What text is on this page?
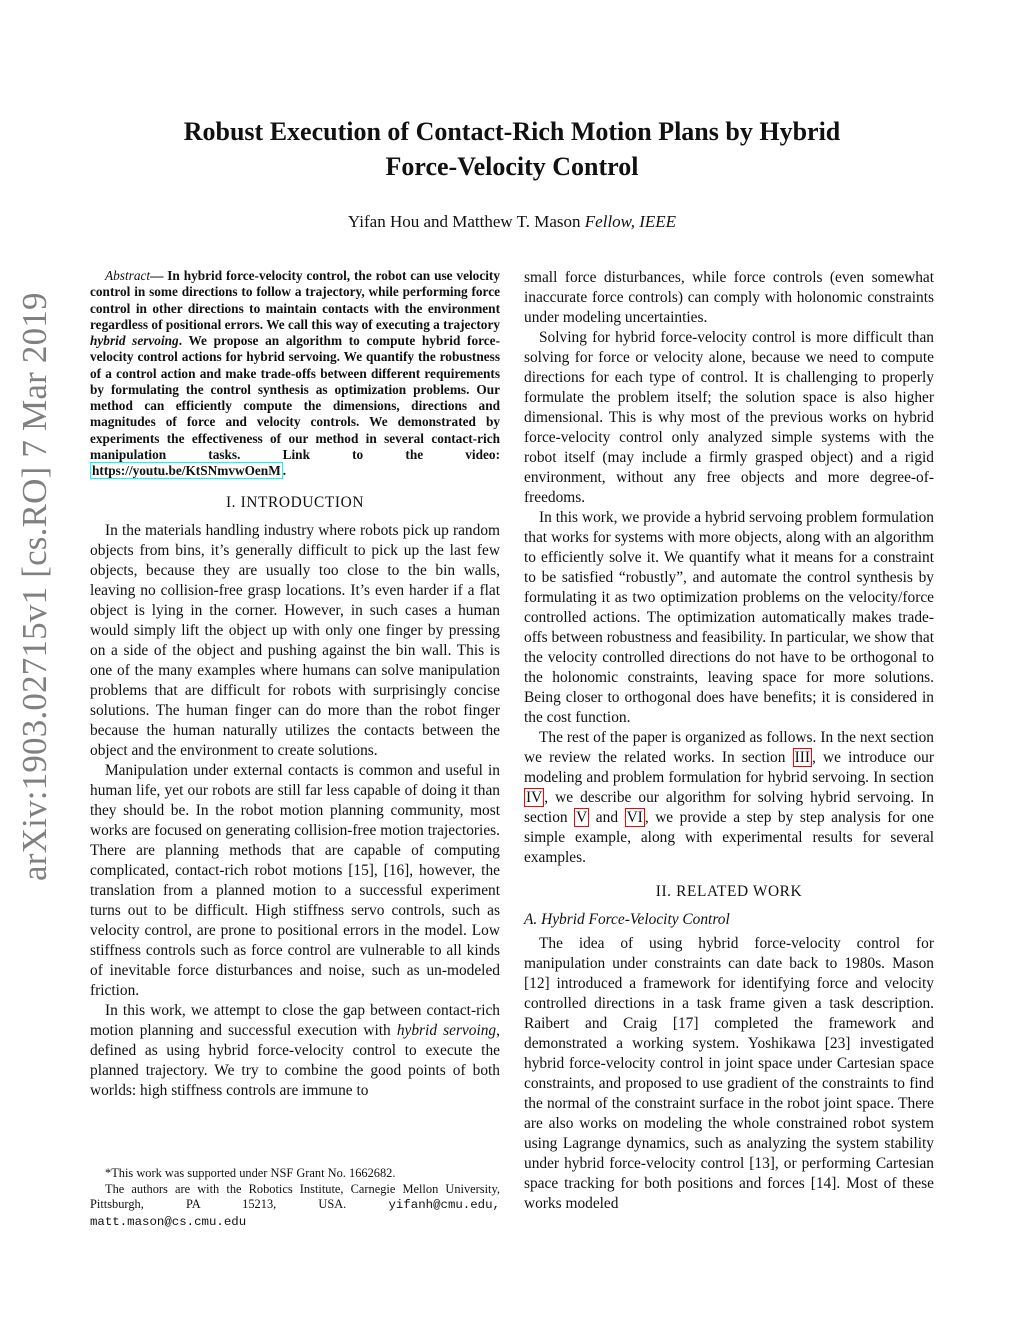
arXiv:1903.02715v1 [cs.RO] 7 Mar 2019
Robust Execution of Contact-Rich Motion Plans by Hybrid
Force-Velocity Control
Yifan Hou and Matthew T. Mason Fellow, IEEE

Abstract— In hybrid force-velocity control, the robot can use velocity control in some directions to follow a trajectory, while performing force control in other directions to maintain contacts with the environment regardless of positional errors. We call this way of executing a trajectory hybrid servoing. We propose an algorithm to compute hybrid force-velocity control actions for hybrid servoing. We quantify the robustness of a control action and make trade-offs between different requirements by formulating the control synthesis as optimization problems. Our method can efficiently compute the dimensions, directions and magnitudes of force and velocity controls. We demonstrated by experiments the effectiveness of our method in several contact-rich manipulation tasks. Link to the video: https://youtu.be/KtSNmvwOenM .

I. INTRODUCTION

In the materials handling industry where robots pick up random objects from bins, it’s generally difficult to pick up the last few objects, because they are usually too close to the bin walls, leaving no collision-free grasp locations. It’s even harder if a flat object is lying in the corner. However, in such cases a human would simply lift the object up with only one finger by pressing on a side of the object and pushing against the bin wall. This is one of the many examples where humans can solve manipulation problems that are difficult for robots with surprisingly concise solutions. The human finger can do more than the robot finger because the human naturally utilizes the contacts between the object and the environment to create solutions.

Manipulation under external contacts is common and useful in human life, yet our robots are still far less capable of doing it than they should be. In the robot motion planning community, most works are focused on generating collision-free motion trajectories. There are planning methods that are capable of computing complicated, contact-rich robot motions [15], [16], however, the translation from a planned motion to a successful experiment turns out to be difficult. High stiffness servo controls, such as velocity control, are prone to positional errors in the model. Low stiffness controls such as force control are vulnerable to all kinds of inevitable force disturbances and noise, such as un-modeled friction.

In this work, we attempt to close the gap between contact-rich motion planning and successful execution with hybrid servoing, defined as using hybrid force-velocity control to execute the planned trajectory. We try to combine the good points of both worlds: high stiffness controls are immune to

*This work was supported under NSF Grant No. 1662682.
The authors are with the Robotics Institute, Carnegie Mellon University, Pittsburgh, PA 15213, USA.	yifanh@cmu.edu, matt.mason@cs.cmu.edu

small force disturbances, while force controls (even somewhat inaccurate force controls) can comply with holonomic constraints under modeling uncertainties.

Solving for hybrid force-velocity control is more difficult than solving for force or velocity alone, because we need to compute directions for each type of control. It is challenging to properly formulate the problem itself; the solution space is also higher dimensional. This is why most of the previous works on hybrid force-velocity control only analyzed simple systems with the robot itself (may include a firmly grasped object) and a rigid environment, without any free objects and more degree-of-freedoms.

In this work, we provide a hybrid servoing problem formulation that works for systems with more objects, along with an algorithm to efficiently solve it. We quantify what it means for a constraint to be satisfied “robustly”, and automate the control synthesis by formulating it as two optimization problems on the velocity/force controlled actions. The optimization automatically makes trade-offs between robustness and feasibility. In particular, we show that the velocity controlled directions do not have to be orthogonal to the holonomic constraints, leaving space for more solutions. Being closer to orthogonal does have benefits; it is considered in the cost function.

The rest of the paper is organized as follows. In the next section we review the related works. In section III , we introduce our modeling and problem formulation for hybrid servoing. In section IV , we describe our algorithm for solving hybrid servoing. In section V and VI , we provide a step by step analysis for one simple example, along with experimental results for several examples.

II. RELATED WORK
A. Hybrid Force-Velocity Control

The idea of using hybrid force-velocity control for manipulation under constraints can date back to 1980s. Mason [12] introduced a framework for identifying force and velocity controlled directions in a task frame given a task description. Raibert and Craig [17] completed the framework and demonstrated a working system. Yoshikawa [23] investigated hybrid force-velocity control in joint space under Cartesian space constraints, and proposed to use gradient of the constraints to find the normal of the constraint surface in the robot joint space. There are also works on modeling the whole constrained robot system using Lagrange dynamics, such as analyzing the system stability under hybrid force-velocity control [13], or performing Cartesian space tracking for both positions and forces [14]. Most of these works modeled
